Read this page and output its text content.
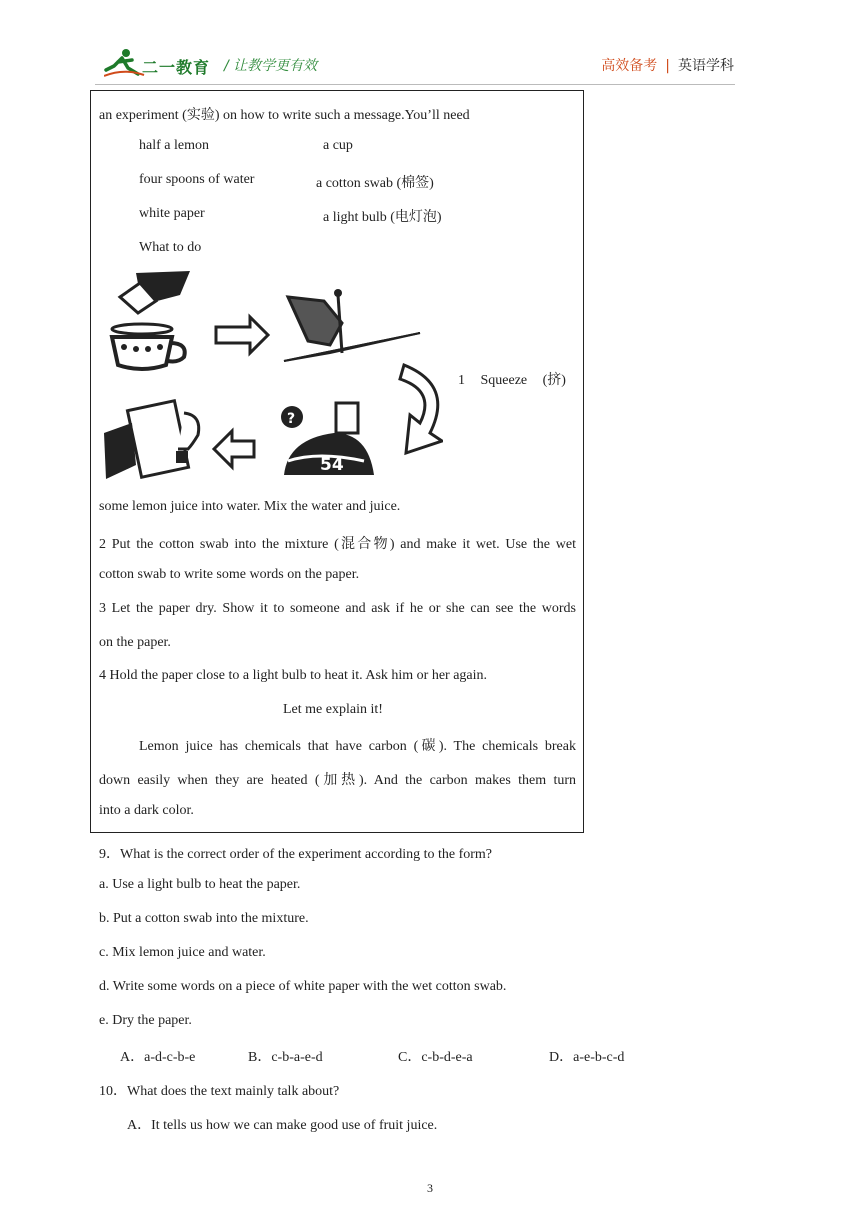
二一教育 / 让教学更有效	高效备考 | 英语学科
an experiment (实验) on how to write such a message.You’ll need
half a lemon	a cup
four spoons of water	a cotton swab (棉签)
white paper	a light bulb (电灯泡)
What to do
?
54
1 Squeeze (挤)
some lemon juice into water. Mix the water and juice.
2 Put the cotton swab into the mixture (混合物) and make it wet. Use the wet
cotton swab to write some words on the paper.
3 Let the paper dry. Show it to someone and ask if he or she can see the words
on the paper.
4 Hold the paper close to a light bulb to heat it. Ask him or her again.
Let me explain it!
Lemon juice has chemicals that have carbon (碳). The chemicals break
down easily when they are heated (加热). And the carbon makes them turn
into a dark color.
9．What is the correct order of the experiment according to the form?
a. Use a light bulb to heat the paper.
b. Put a cotton swab into the mixture.
c. Mix lemon juice and water.
d. Write some words on a piece of white paper with the wet cotton swab.
e. Dry the paper.
A．a-d-c-b-e	B．c-b-a-e-d	C．c-b-d-e-a	D．a-e-b-c-d
10．What does the text mainly talk about?
A．It tells us how we can make good use of fruit juice.
3
